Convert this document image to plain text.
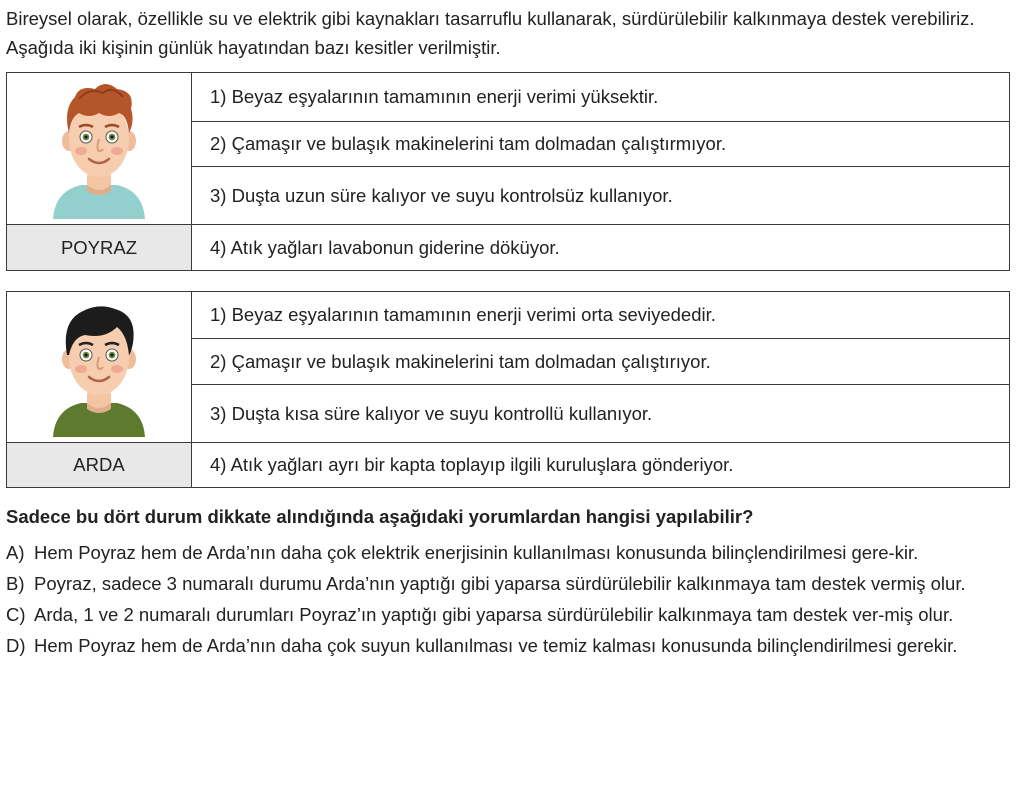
Bireysel olarak, özellikle su ve elektrik gibi kaynakları tasarruflu kullanarak, sürdürülebilir kalkınmaya destek verebiliriz. Aşağıda iki kişinin günlük hayatından bazı kesitler verilmiştir.

	1) Beyaz eşyalarının tamamının enerji verimi yüksektir.
	2) Çamaşır ve bulaşık makinelerini tam dolmadan çalıştırmıyor.
	3) Duşta uzun süre kalıyor ve suyu kontrolsüz kullanıyor.
POYRAZ	4) Atık yağları lavabonun giderine döküyor.
	1) Beyaz eşyalarının tamamının enerji verimi orta seviyededir.
	2) Çamaşır ve bulaşık makinelerini tam dolmadan çalıştırıyor.
	3) Duşta kısa süre kalıyor ve suyu kontrollü kullanıyor.
ARDA	4) Atık yağları ayrı bir kapta toplayıp ilgili kuruluşlara gönderiyor.

Sadece bu dört durum dikkate alındığında aşağıdaki yorumlardan hangisi yapılabilir?

A) Hem Poyraz hem de Arda’nın daha çok elektrik enerjisinin kullanılması konusunda bilinçlendirilmesi gere-kir.
B) Poyraz, sadece 3 numaralı durumu Arda’nın yaptığı gibi yaparsa sürdürülebilir kalkınmaya tam destek vermiş olur.
C) Arda, 1 ve 2 numaralı durumları Poyraz’ın yaptığı gibi yaparsa sürdürülebilir kalkınmaya tam destek ver-miş olur.
D) Hem Poyraz hem de Arda’nın daha çok suyun kullanılması ve temiz kalması konusunda bilinçlendirilmesi gerekir.
